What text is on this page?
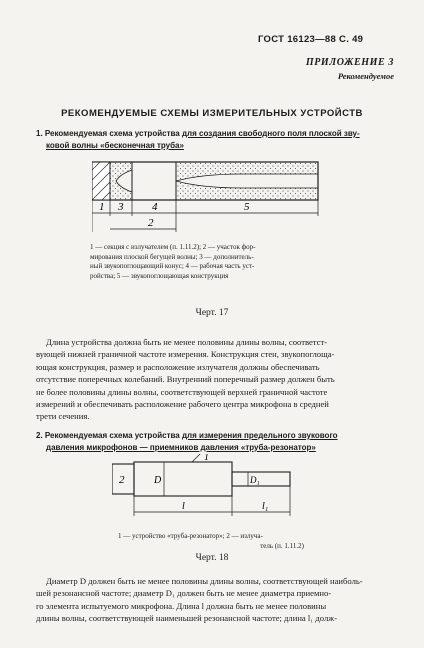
ГОСТ 16123—88 С. 49
ПРИЛОЖЕНИЕ 3
Рекомендуемое
РЕКОМЕНДУЕМЫЕ СХЕМЫ ИЗМЕРИТЕЛЬНЫХ УСТРОЙСТВ
1. Рекомендуемая схема устройства для создания свободного поля плоской зву-
ковой волны «бесконечная труба»
1 3	4	5
2
1 — секция с излучателем (п. 1.11.2); 2 — участок фор-
мирования плоской бегущей волны; 3 — дополнитель-
ный звукопоглощающий конус; 4 — рабочая часть уст-
ройства; 5 — звукопоглощающая конструкция
Черт. 17
Длина устройства должна быть не менее половины длины волны, соответст-
вующей нижней граничной частоте измерения. Конструкция стен, звукопоглоща-
ющая конструкция, размер и расположение излучателя должны обеспечивать
отсутствие поперечных колебаний. Внутренний поперечный размер должен быть
не более половины длины волны, соответствующей верхней граничной частоте
измерений и обеспечивать расположение рабочего центра микрофона в средней
трети сечения.
2. Рекомендуемая схема устройства для измерения предельного звукового
давления микрофонов — приемников давления «труба-резонатор»
1
2	D	D₁
l	l₁
1 — устройство «труба-резонатор»; 2 — излуча-
тель (п. 1.11.2)
Черт. 18
Диаметр D должен быть не менее половины длины волны, соответствующей наиболь-
шей резонансной частоте; диаметр D₁ должен быть не менее диаметра приемно-
го элемента испытуемого микрофона. Длина l должна быть не менее половины
длины волны, соответствующей наименьшей резонансной частоте; длина l₁ долж-
